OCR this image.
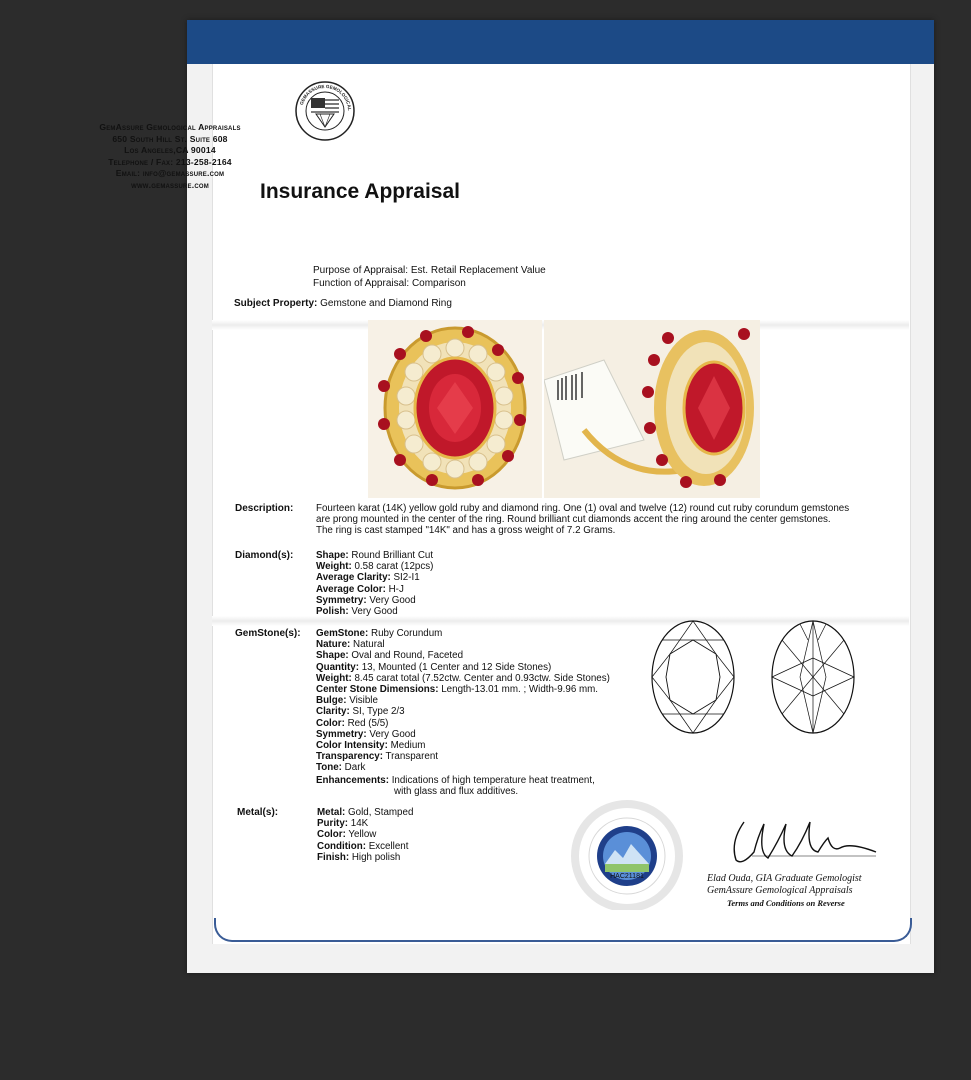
GEMASSURE GEMOLOGICAL
GemAssure Gemological Appraisals
650 South Hill St. Suite 608
Los Angeles,CA 90014
Telephone / Fax: 213-258-2164
Email: info@gemassure.com
www.gemassure.com	Insurance Appraisal
Purpose of Appraisal: Est. Retail Replacement Value
Function of Appraisal: Comparison
Subject Property: Gemstone and Diamond Ring
Description: Fourteen karat (14K) yellow gold ruby and diamond ring. One (1) oval and twelve (12) round cut ruby corundum gemstones
are prong mounted in the center of the ring. Round brilliant cut diamonds accent the ring around the center gemstones.
The ring is cast stamped "14K" and has a gross weight of 7.2 Grams.
Diamond(s): Shape: Round Brilliant Cut
Weight: 0.58 carat (12pcs)
Average Clarity: SI2-I1
Average Color: H-J
Symmetry: Very Good
Polish: Very Good
GemStone(s): GemStone: Ruby Corundum
Nature: Natural
Shape: Oval and Round, Faceted
Quantity: 13, Mounted (1 Center and 12 Side Stones)
Weight: 8.45 carat total (7.52ctw. Center and 0.93ctw. Side Stones)
Center Stone Dimensions: Length-13.01 mm. ; Width-9.96 mm.
Bulge: Visible
Clarity: SI, Type 2/3
Color: Red (5/5)
Symmetry: Very Good
Color Intensity: Medium
Transparency: Transparent
Tone: Dark
Enhancements: Indications of high temperature heat treatment,
with glass and flux additives.
Metal(s):	Metal: Gold, Stamped
Purity: 14K
Color: Yellow
Condition: Excellent
Finish: High polish
HAC21181	Elad Ouda, GIA Graduate Gemologist
GemAssure Gemological Appraisals
Terms and Conditions on Reverse
